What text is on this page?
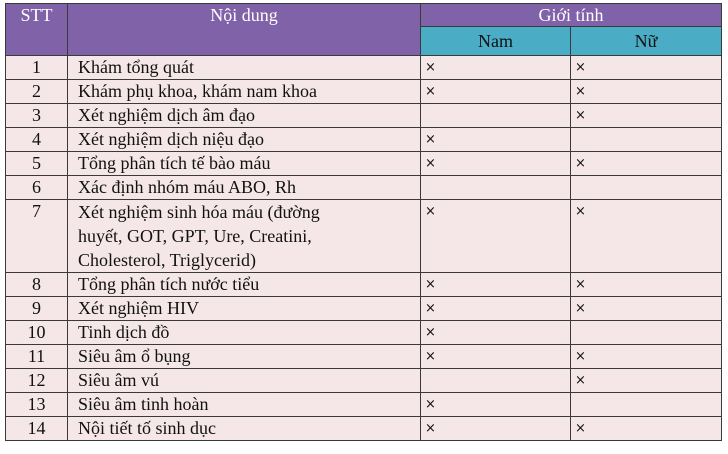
STT	Nội dung	Giới tính	
		Nam	Nữ
1	Khám tổng quát	×	×
2	Khám phụ khoa, khám nam khoa	×	×
3	Xét nghiệm dịch âm đạo		×
4	Xét nghiệm dịch niệu đạo	×	
5	Tổng phân tích tế bào máu	×	×
6	Xác định nhóm máu ABO, Rh		
7	Xét nghiệm sinh hóa máu (đường
huyết, GOT, GPT, Ure, Creatini,
Cholesterol, Triglycerid)	×	×
8	Tổng phân tích nước tiểu	×	×
9	Xét nghiệm HIV	×	×
10	Tinh dịch đồ	×	
11	Siêu âm ổ bụng	×	×
12	Siêu âm vú		×
13	Siêu âm tinh hoàn	×	
14	Nội tiết tố sinh dục	×	×
